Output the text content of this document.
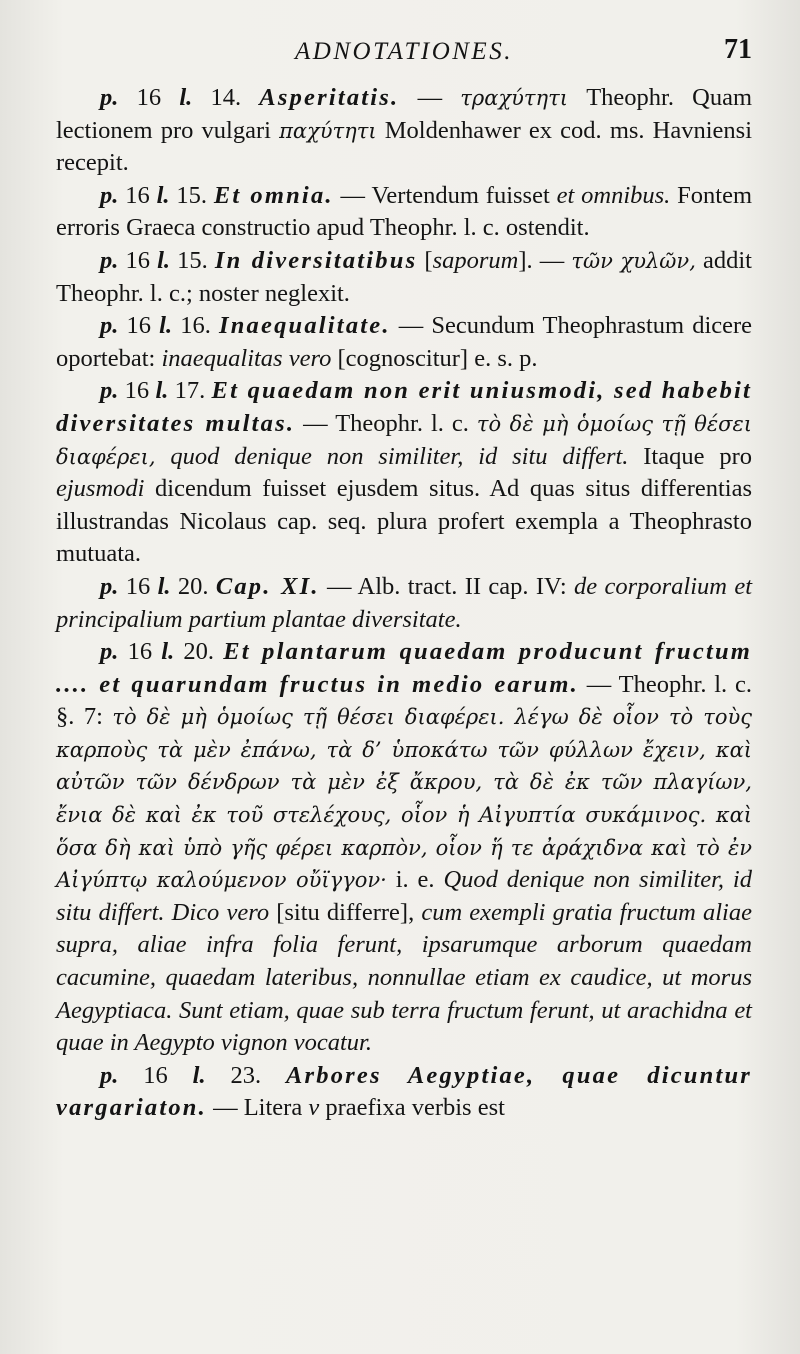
ADNOTATIONES.	71

p. 16 l. 14. Asperitatis. — τραχύτητι Theophr. Quam lectionem pro vulgari παχύτητι Moldenhawer ex cod. ms. Havniensi recepit.

p. 16 l. 15. Et omnia. — Vertendum fuisset et omnibus. Fontem erroris Graeca constructio apud Theophr. l. c. ostendit.

p. 16 l. 15. In diversitatibus [saporum]. — τῶν χυλῶν, addit Theophr. l. c.; noster neglexit.

p. 16 l. 16. Inaequalitate. — Secundum Theophrastum dicere oportebat: inaequalitas vero [cognoscitur] e. s. p.

p. 16 l. 17. Et quaedam non erit uniusmodi, sed habebit diversitates multas. — Theophr. l. c. τὸ δὲ μὴ ὁμοίως τῇ θέσει διαφέρει, quod denique non similiter, id situ differt. Itaque pro ejusmodi dicendum fuisset ejusdem situs. Ad quas situs differentias illustrandas Nicolaus cap. seq. plura profert exempla a Theophrasto mutuata.

p. 16 l. 20. Cap. XI. — Alb. tract. II cap. IV: de corporalium et principalium partium plantae diversitate.

p. 16 l. 20. Et plantarum quaedam producunt fructum .... et quarundam fructus in medio earum. — Theophr. l. c. §. 7: τὸ δὲ μὴ ὁμοίως τῇ θέσει διαφέρει. λέγω δὲ οἷον τὸ τοὺς καρποὺς τὰ μὲν ἐπάνω, τὰ δ’ ὑποκάτω τῶν φύλλων ἔχειν, καὶ αὐτῶν τῶν δένδρων τὰ μὲν ἐξ ἄκρου, τὰ δὲ ἐκ τῶν πλαγίων, ἔνια δὲ καὶ ἐκ τοῦ στελέχους, οἷον ἡ Αἰγυπτία συκάμινος. καὶ ὅσα δὴ καὶ ὑπὸ γῆς φέρει καρπὸν, οἷον ἥ τε ἀράχιδνα καὶ τὸ ἐν Αἰγύπτῳ καλούμενον οὔϊγγον· i. e. Quod denique non similiter, id situ differt. Dico vero [situ differre], cum exempli gratia fructum aliae supra, aliae infra folia ferunt, ipsarumque arborum quaedam cacumine, quaedam lateribus, nonnullae etiam ex caudice, ut morus Aegyptiaca. Sunt etiam, quae sub terra fructum ferunt, ut arachidna et quae in Aegypto vignon vocatur.

p. 16 l. 23. Arbores Aegyptiae, quae dicuntur vargariaton. — Litera v praefixa verbis est
